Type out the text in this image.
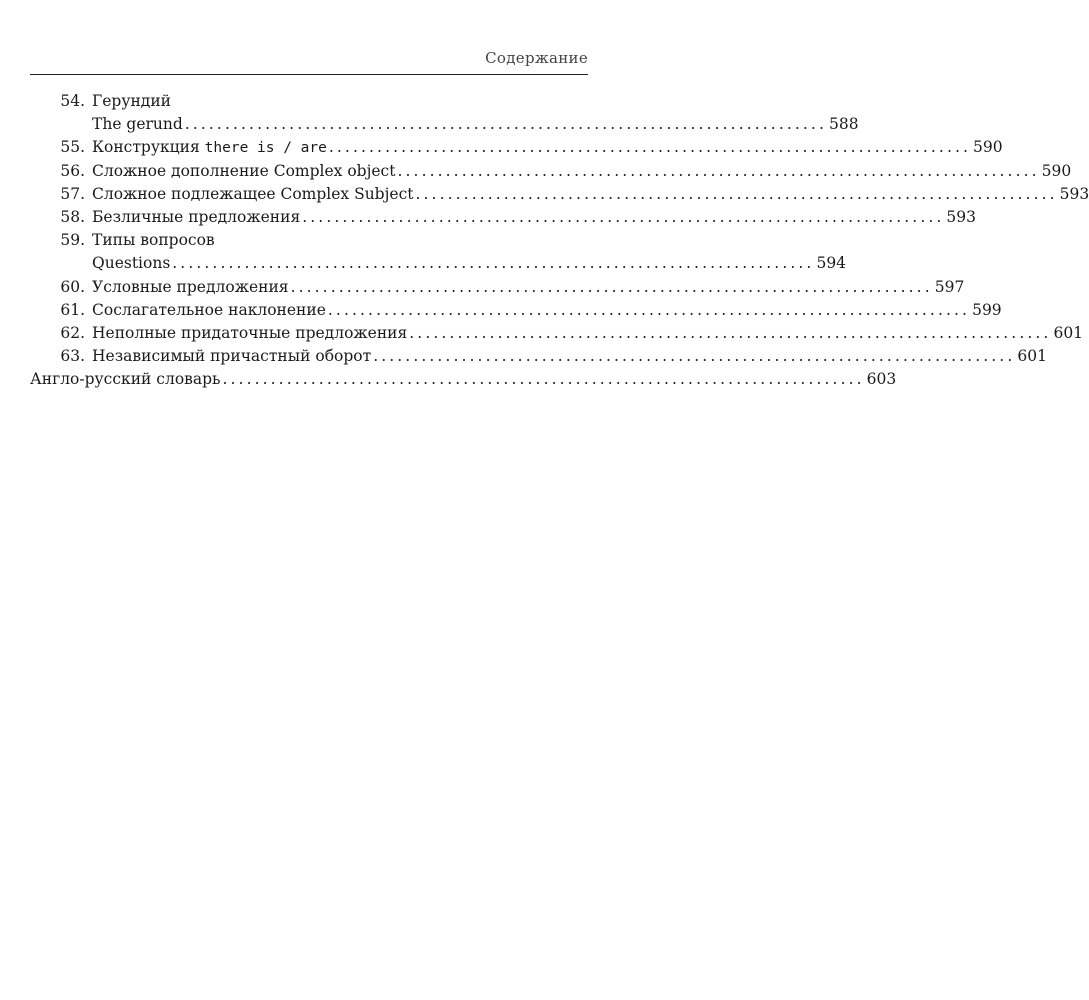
Содержание
54. Герундий
The gerund ................................................................................ 588
55. Конструкция there is / are ................................................................................ 590
56. Сложное дополнение Complex object ................................................................................ 590
57. Сложное подлежащее Complex Subject ................................................................................ 593
58. Безличные предложения ................................................................................ 593
59. Типы вопросов
Questions ................................................................................ 594
60. Условные предложения ................................................................................ 597
61. Сослагательное наклонение ................................................................................ 599
62. Неполные придаточные предложения ................................................................................ 601
63. Независимый причастный оборот ................................................................................ 601
Англо-русский словарь ................................................................................ 603
